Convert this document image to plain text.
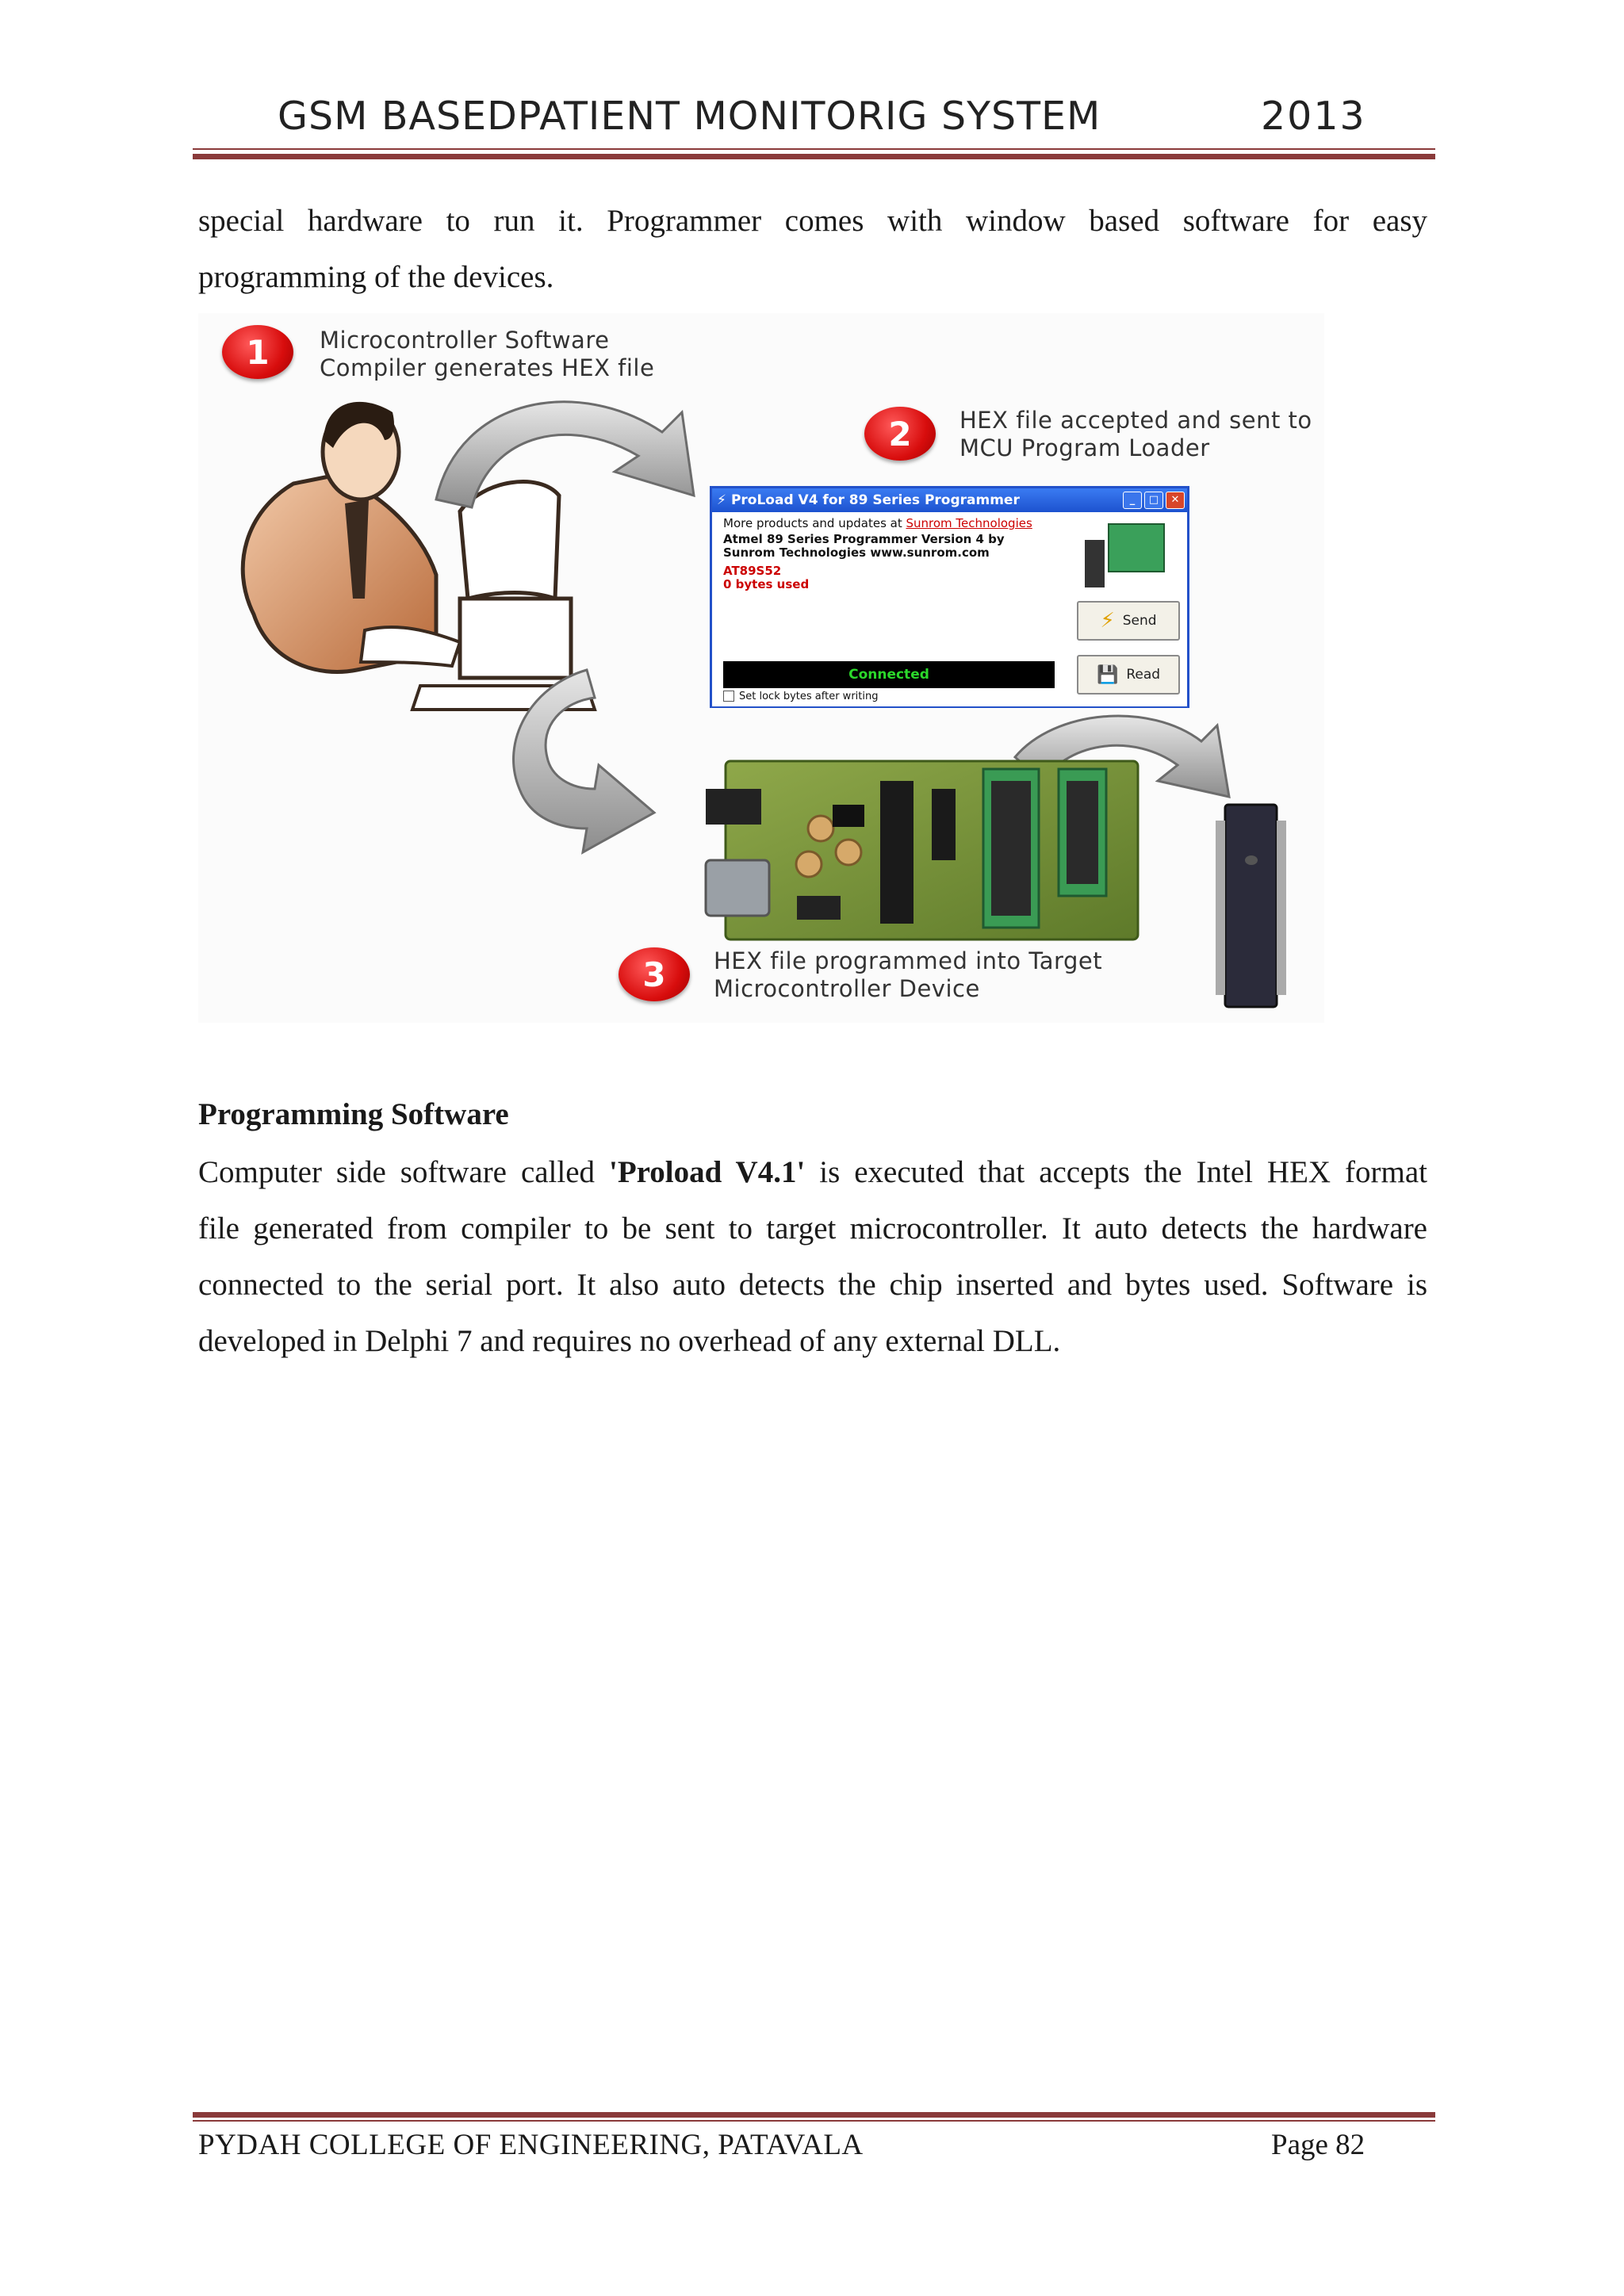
GSM BASEDPATIENT MONITORIG SYSTEM	2013
special hardware to run it. Programmer comes with window based software for easy
programming of the devices.
1	Microcontroller Software
Compiler generates HEX file
2	HEX file accepted and sent to
MCU Program Loader
3	HEX file programmed into Target
Microcontroller Device
⚡ ProLoad V4 for 89 Series Programmer	_	□	✕
More products and updates at Sunrom Technologies
Atmel 89 Series Programmer Version 4 by
Sunrom Technologies www.sunrom.com
AT89S52
0 bytes used
Connected
Set lock bytes after writing
⚡ Send
💾 Read
Programming Software
Computer side software called 'Proload V4.1' is executed that accepts the Intel HEX format
file generated from compiler to be sent to target microcontroller. It auto detects the hardware
connected to the serial port. It also auto detects the chip inserted and bytes used. Software is
developed in Delphi 7 and requires no overhead of any external DLL.
PYDAH COLLEGE OF ENGINEERING, PATAVALA	Page 82
